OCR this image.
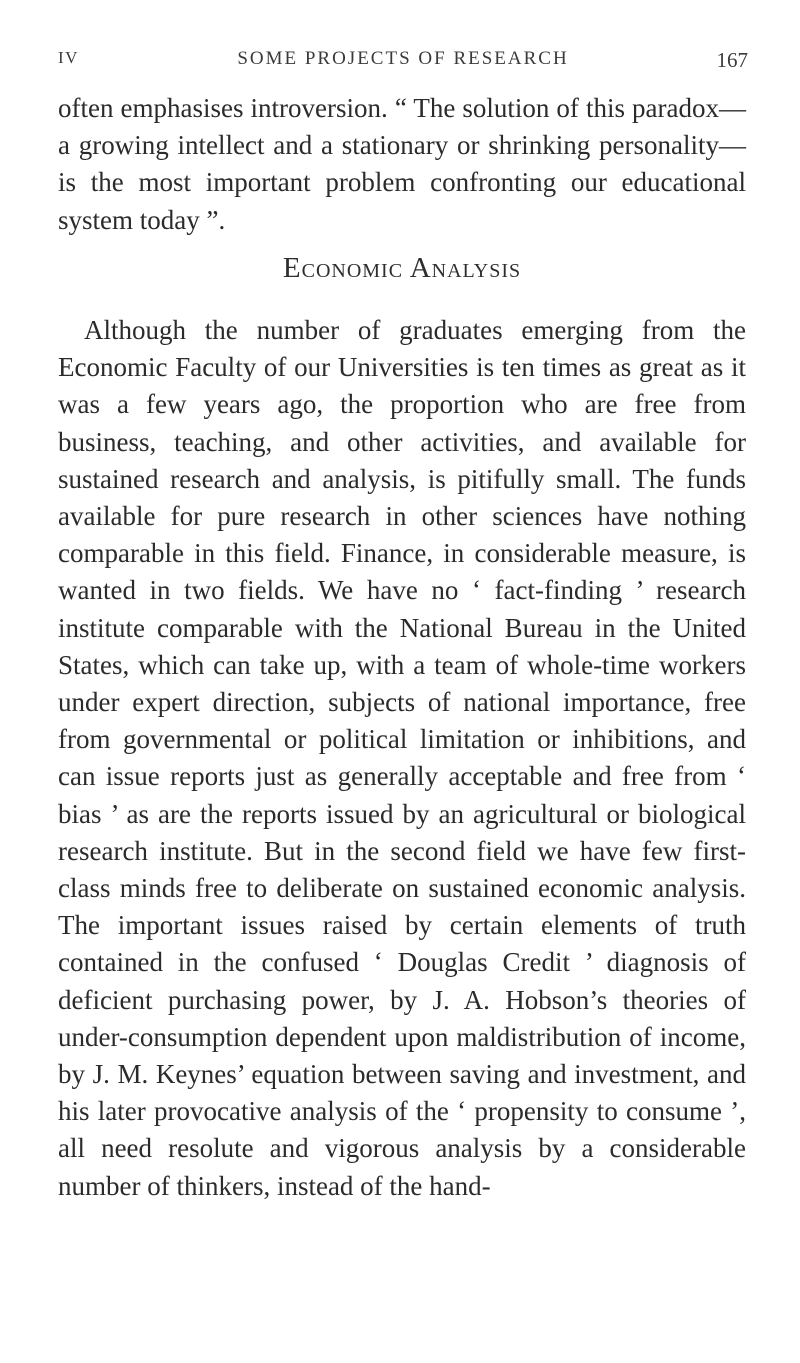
IV	SOME PROJECTS OF RESEARCH	167

often emphasises introversion. “ The solution of this paradox—a growing intellect and a stationary or shrinking personality—is the most important problem confronting our educational system today ”.

Economic Analysis

Although the number of graduates emerging from the Economic Faculty of our Universities is ten times as great as it was a few years ago, the proportion who are free from business, teaching, and other activities, and available for sustained research and analysis, is pitifully small. The funds available for pure research in other sciences have nothing comparable in this field. Finance, in considerable measure, is wanted in two fields. We have no ‘ fact-finding ’ research institute comparable with the National Bureau in the United States, which can take up, with a team of whole-time workers under expert direction, subjects of national importance, free from governmental or political limitation or inhibitions, and can issue reports just as generally acceptable and free from ‘ bias ’ as are the reports issued by an agricultural or biological research institute. But in the second field we have few first-class minds free to deliberate on sustained economic analysis. The important issues raised by certain elements of truth contained in the confused ‘ Douglas Credit ’ diagnosis of deficient purchasing power, by J. A. Hobson’s theories of under-consumption dependent upon maldistribution of income, by J. M. Keynes’ equation between saving and investment, and his later provocative analysis of the ‘ propensity to consume ’, all need resolute and vigorous analysis by a considerable number of thinkers, instead of the hand-
